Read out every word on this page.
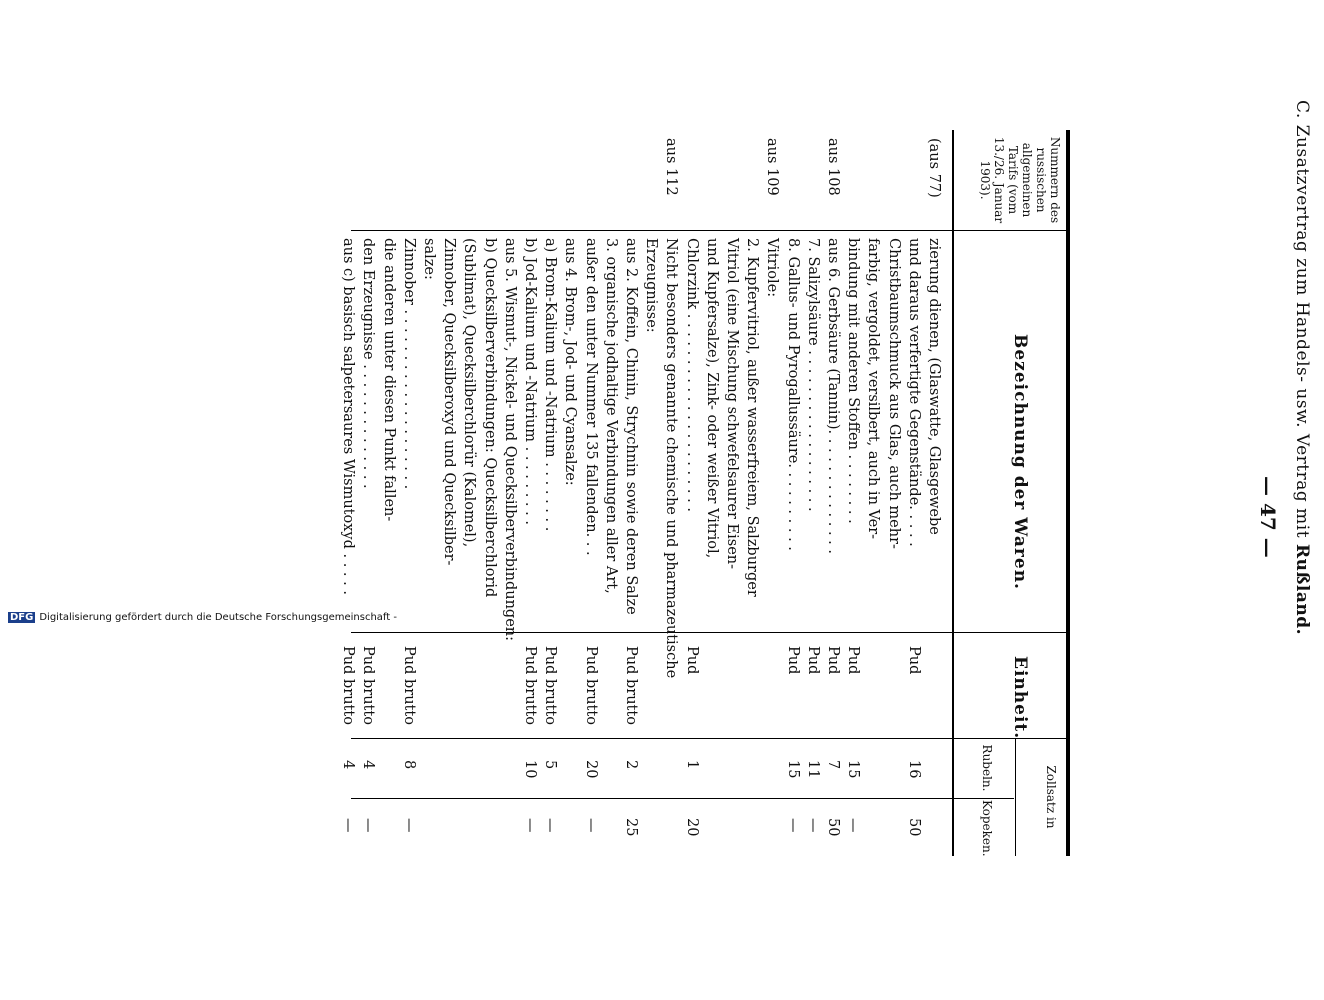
C. Zusatzvertrag zum Handels- usw. Vertrag mit Rußland.
— 47 —
Nummern des russischen allgemeinen Tarifs (vom 13./26. Januar 1903).
Bezeichnung der Waren.
Einheit.
Zollsatz in
Rubeln.
Kopeken.
(aus 77)
zierung dienen, (Glaswatte, Glasgewebe
und daraus verfertigte Gegenstände. . . . .
Pud
16
50
Christbaumschmuck aus Glas, auch mehr-
farbig, vergoldet, versilbert, auch in Ver-
bindung mit anderen Stoffen . . . . . . . .
Pud
15
—
aus 108
aus 6. Gerbsäure (Tannin). . . . . . . . . . . . . .
Pud
7
50
7. Salizylsäure . . . . . . . . . . . . . . . . . .
Pud
11
—
8. Gallus- und Pyrogallussäure. . . . . . . . . .
Pud
15
—
aus 109
Vitriole:
2. Kupfervitriol, außer wasserfreiem, Salzburger
Vitriol (eine Mischung schwefelsaurer Eisen-
und Kupfersalze), Zink- oder weißer Vitriol,
Chlorzink . . . . . . . . . . . . . . . . . . . . . .
Pud
1
20
aus 112
Nicht besonders genannte chemische und pharmazeutische
Erzeugnisse:
aus 2. Koffein, Chinin, Strychnin sowie deren Salze
Pud brutto
2
25
3. organische jodhaltige Verbindungen aller Art,
außer den unter Nummer 135 fallenden. . .
Pud brutto
20
—
aus 4. Brom-, Jod- und Cyansalze:
a) Brom-Kalium und -Natrium . . . . . . . .
Pud brutto
5
—
b) Jod-Kalium und -Natrium . . . . . . . . .
Pud brutto
10
—
aus 5. Wismut-, Nickel- und Quecksilberverbindungen:
b) Quecksilberverbindungen: Quecksilberchlorid
(Sublimat), Quecksilberchlorür (Kalomel),
Zinnober, Quecksilberoxyd und Quecksilber-
salze:
Zinnober . . . . . . . . . . . . . . . . . . . .
Pud brutto
8
—
die anderen unter diesen Punkt fallen-
den Erzeugnisse . . . . . . . . . . . . . .
Pud brutto
4
—
aus c) basisch salpetersaures Wismutoxyd . . . . .
Pud brutto
4
—
DFG Digitalisierung gefördert durch die Deutsche Forschungsgemeinschaft -
